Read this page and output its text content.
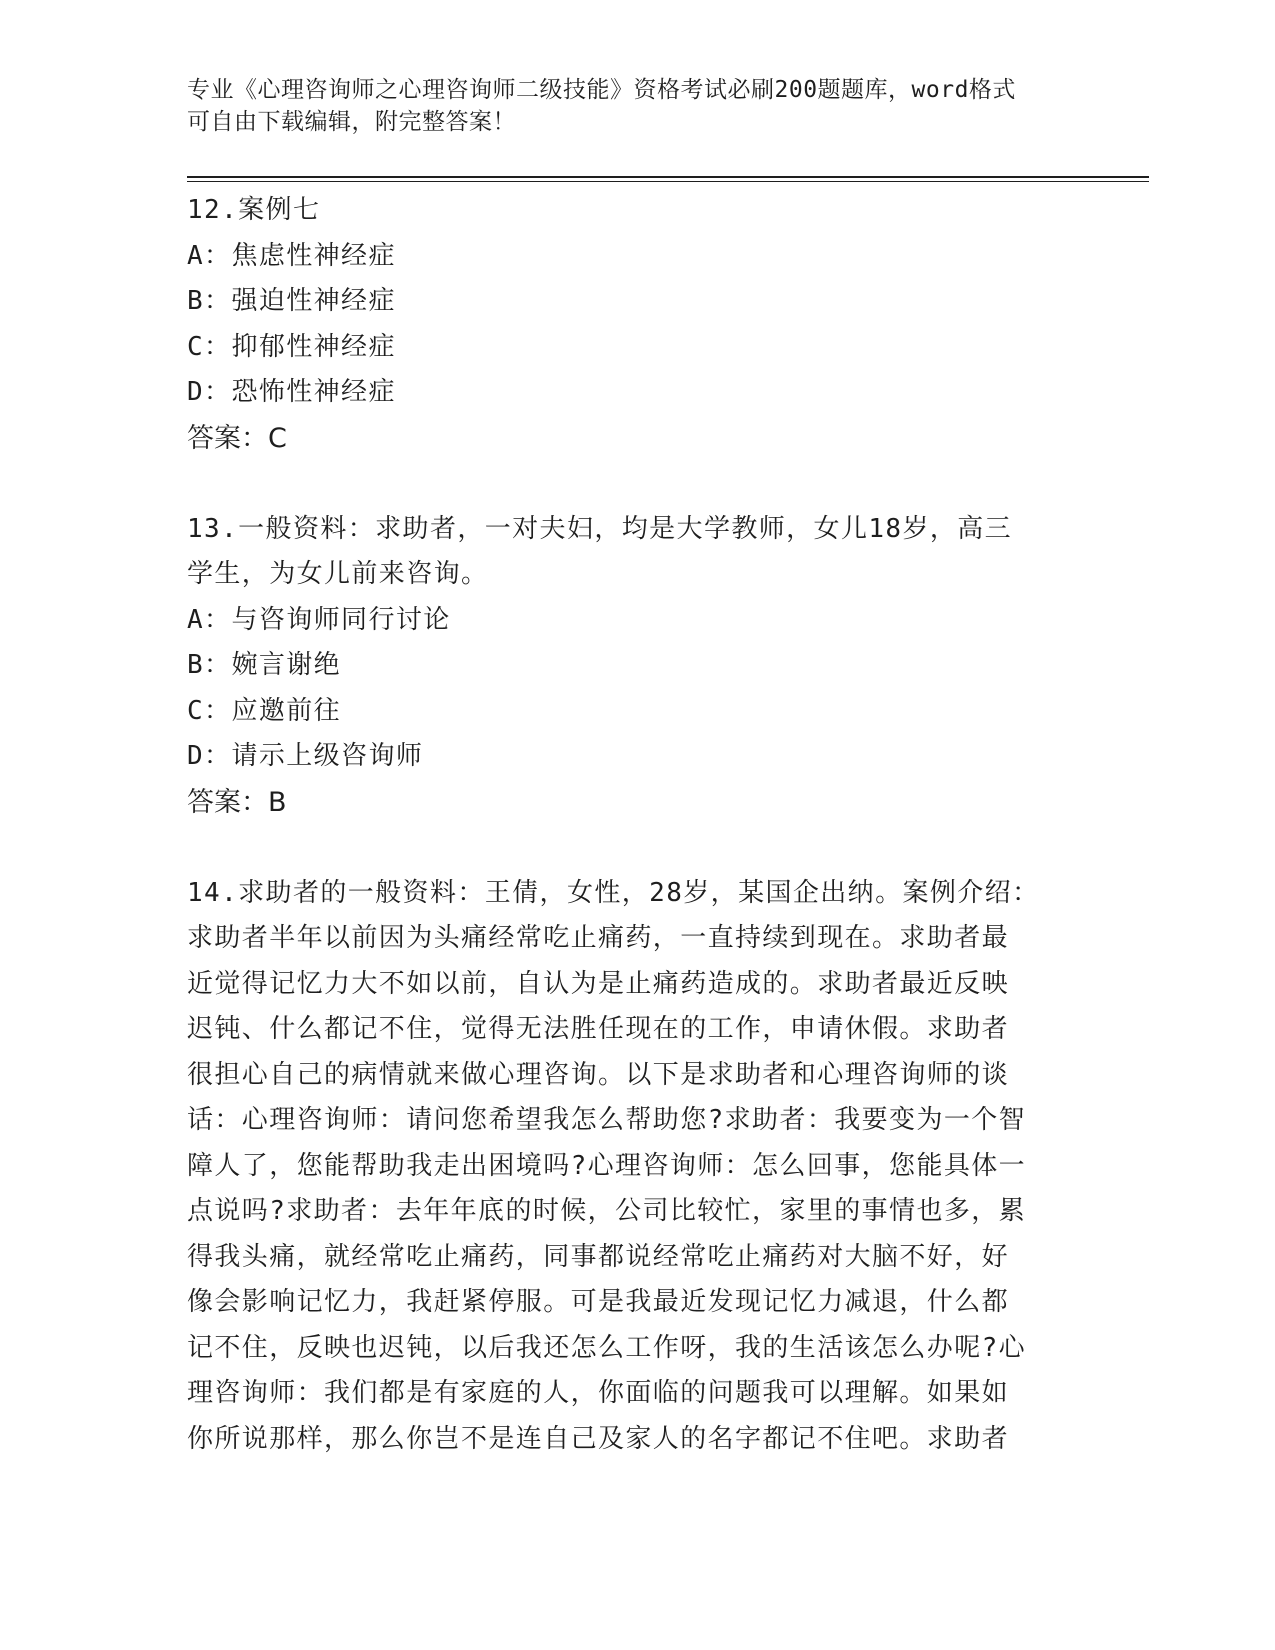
专业《心理咨询师之心理咨询师二级技能》资格考试必刷200题题库，word格式

可自由下载编辑，附完整答案！

12.案例七

A：焦虑性神经症

B：强迫性神经症

C：抑郁性神经症

D：恐怖性神经症

答案：C

13.一般资料：求助者，一对夫妇，均是大学教师，女儿18岁，高三

学生，为女儿前来咨询。

A：与咨询师同行讨论

B：婉言谢绝

C：应邀前往

D：请示上级咨询师

答案：B

14.求助者的一般资料：王倩，女性，28岁，某国企出纳。案例介绍：

求助者半年以前因为头痛经常吃止痛药，一直持续到现在。求助者最

近觉得记忆力大不如以前，自认为是止痛药造成的。求助者最近反映

迟钝、什么都记不住，觉得无法胜任现在的工作，申请休假。求助者

很担心自己的病情就来做心理咨询。以下是求助者和心理咨询师的谈

话：心理咨询师：请问您希望我怎么帮助您?求助者：我要变为一个智

障人了，您能帮助我走出困境吗?心理咨询师：怎么回事，您能具体一

点说吗?求助者：去年年底的时候，公司比较忙，家里的事情也多，累

得我头痛，就经常吃止痛药，同事都说经常吃止痛药对大脑不好，好

像会影响记忆力，我赶紧停服。可是我最近发现记忆力减退，什么都

记不住，反映也迟钝，以后我还怎么工作呀，我的生活该怎么办呢?心

理咨询师：我们都是有家庭的人，你面临的问题我可以理解。如果如

你所说那样，那么你岂不是连自己及家人的名字都记不住吧。求助者
